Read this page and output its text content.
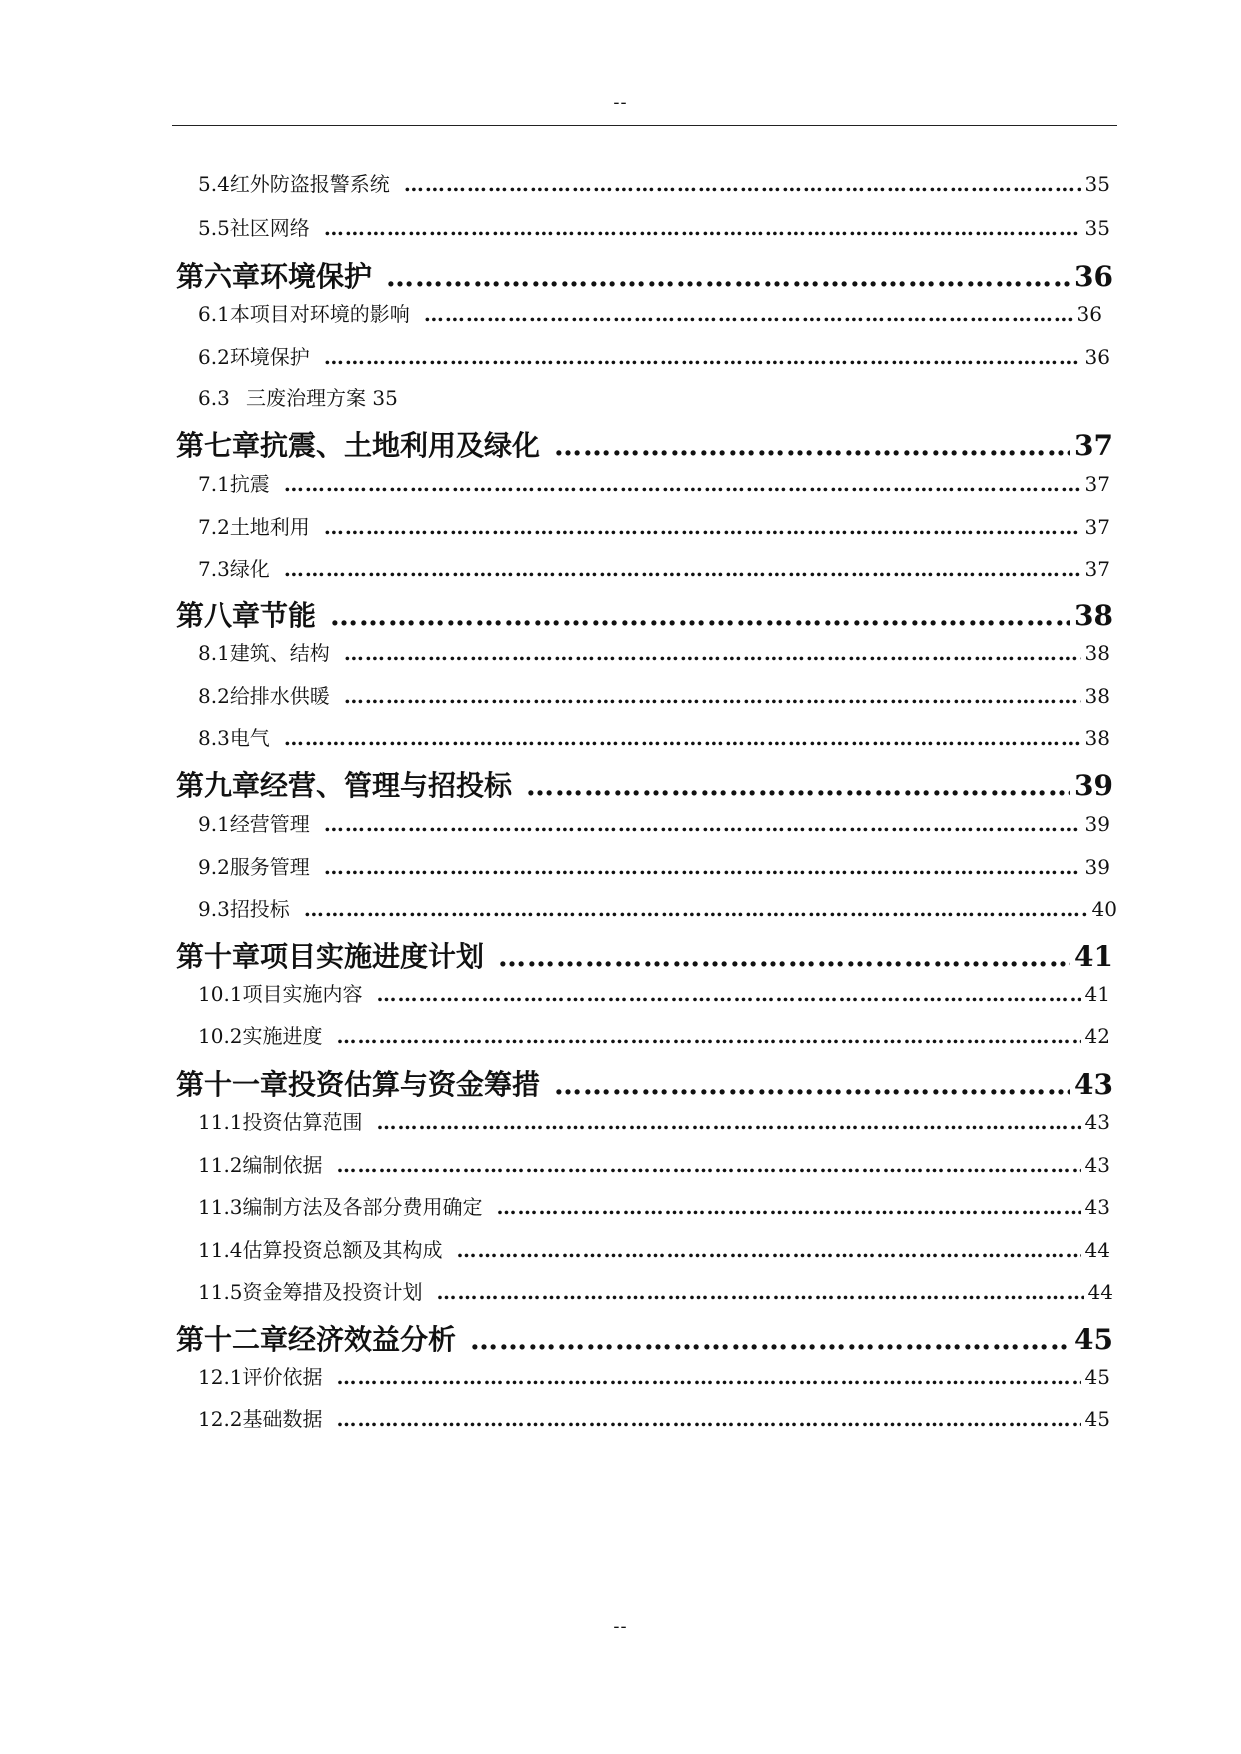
--
5.4 红外防盗报警系统 ………………………………………………………………………………………………………………………………………………………………	35
5.5 社区网络 ………………………………………………………………………………………………………………………………………………………………	35
第六章 环境保护 ………………………………………………………………………………………………………………………………………………………………	36
6.1 本项目对环境的影响 ………………………………………………………………………………………………………………………………………………………………	36
6.2 环境保护 ………………………………………………………………………………………………………………………………………………………………	36
6.3 三废治理方案 35
第七章 抗震、土地利用及绿化 ………………………………………………………………………………………………………………………………………………………………	37
7.1 抗震 ………………………………………………………………………………………………………………………………………………………………	37
7.2 土地利用 ………………………………………………………………………………………………………………………………………………………………	37
7.3 绿化 ………………………………………………………………………………………………………………………………………………………………	37
第八章 节能 ………………………………………………………………………………………………………………………………………………………………	38
8.1 建筑、结构 ………………………………………………………………………………………………………………………………………………………………	38
8.2 给排水供暖 ………………………………………………………………………………………………………………………………………………………………	38
8.3 电气 ………………………………………………………………………………………………………………………………………………………………	38
第九章 经营、管理与招投标 ………………………………………………………………………………………………………………………………………………………………	39
9.1 经营管理 ………………………………………………………………………………………………………………………………………………………………	39
9.2 服务管理 ………………………………………………………………………………………………………………………………………………………………	39
9.3 招投标 ………………………………………………………………………………………………………………………………………………………………	40
第十章 项目实施进度计划 ………………………………………………………………………………………………………………………………………………………………	41
10.1 项目实施内容 ………………………………………………………………………………………………………………………………………………………………	41
10.2 实施进度 ………………………………………………………………………………………………………………………………………………………………	42
第十一章 投资估算与资金筹措 ………………………………………………………………………………………………………………………………………………………………	43
11.1 投资估算范围 ………………………………………………………………………………………………………………………………………………………………	43
11.2 编制依据 ………………………………………………………………………………………………………………………………………………………………	43
11.3 编制方法及各部分费用确定 ………………………………………………………………………………………………………………………………………………………………	43
11.4 估算投资总额及其构成 ………………………………………………………………………………………………………………………………………………………………	44
11.5 资金筹措及投资计划 ………………………………………………………………………………………………………………………………………………………………	44
第十二章 经济效益分析 ………………………………………………………………………………………………………………………………………………………………	45
12.1 评价依据 ………………………………………………………………………………………………………………………………………………………………	45
12.2 基础数据 ………………………………………………………………………………………………………………………………………………………………	45
--
